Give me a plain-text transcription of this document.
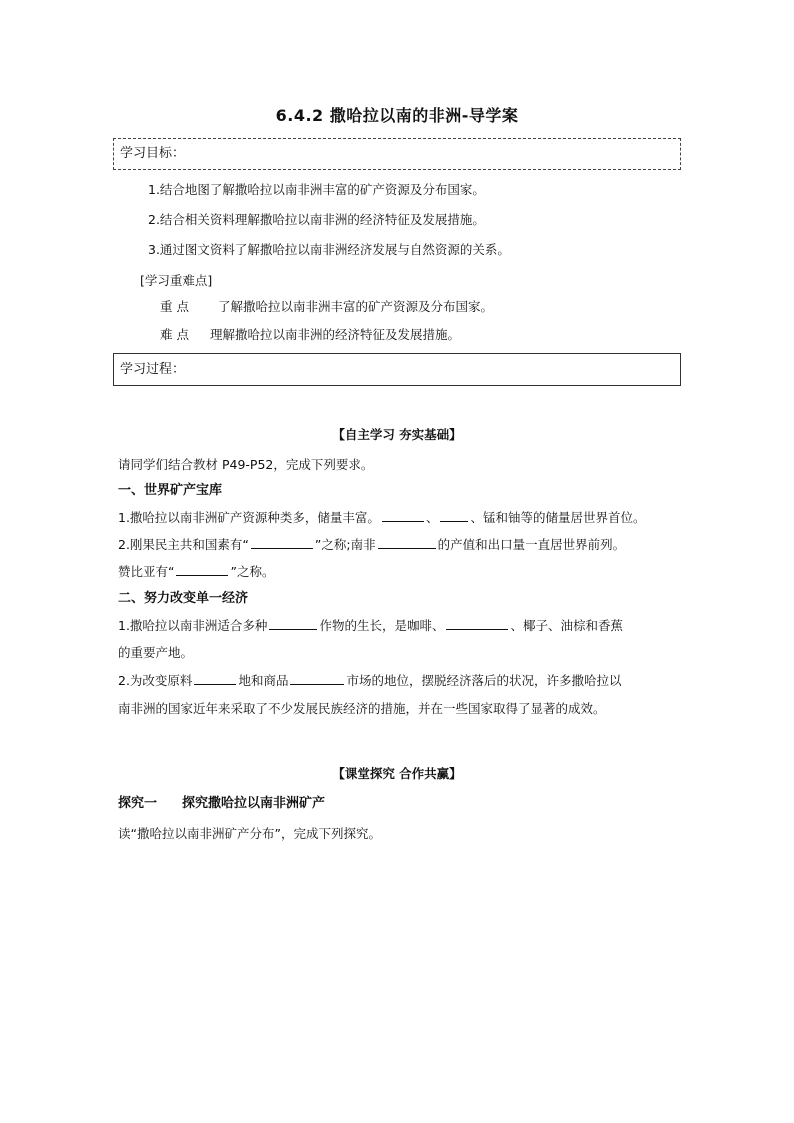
6.4.2 撒哈拉以南的非洲-导学案
学习目标：
1.结合地图了解撒哈拉以南非洲丰富的矿产资源及分布国家。
2.结合相关资料理解撒哈拉以南非洲的经济特征及发展措施。
3.通过图文资料了解撒哈拉以南非洲经济发展与自然资源的关系。
[学习重难点]
重 点 了解撒哈拉以南非洲丰富的矿产资源及分布国家。
难 点 理解撒哈拉以南非洲的经济特征及发展措施。
学习过程：
【自主学习 夯实基础】
请同学们结合教材 P49-P52，完成下列要求。
一、世界矿产宝库
1.撒哈拉以南非洲矿产资源种类多，储量丰富。	、	、锰和铀等的储量居世界首位。
2.刚果民主共和国素有“	”之称;南非	的产值和出口量一直居世界前列。
赞比亚有“	”之称。
二、努力改变单一经济
1.撒哈拉以南非洲适合多种	作物的生长，是咖啡、	、椰子、油棕和香蕉
的重要产地。
2.为改变原料	地和商品	市场的地位，摆脱经济落后的状况，许多撒哈拉以
南非洲的国家近年来采取了不少发展民族经济的措施，并在一些国家取得了显著的成效。
【课堂探究 合作共赢】
探究一 探究撒哈拉以南非洲矿产
读“撒哈拉以南非洲矿产分布”，完成下列探究。
